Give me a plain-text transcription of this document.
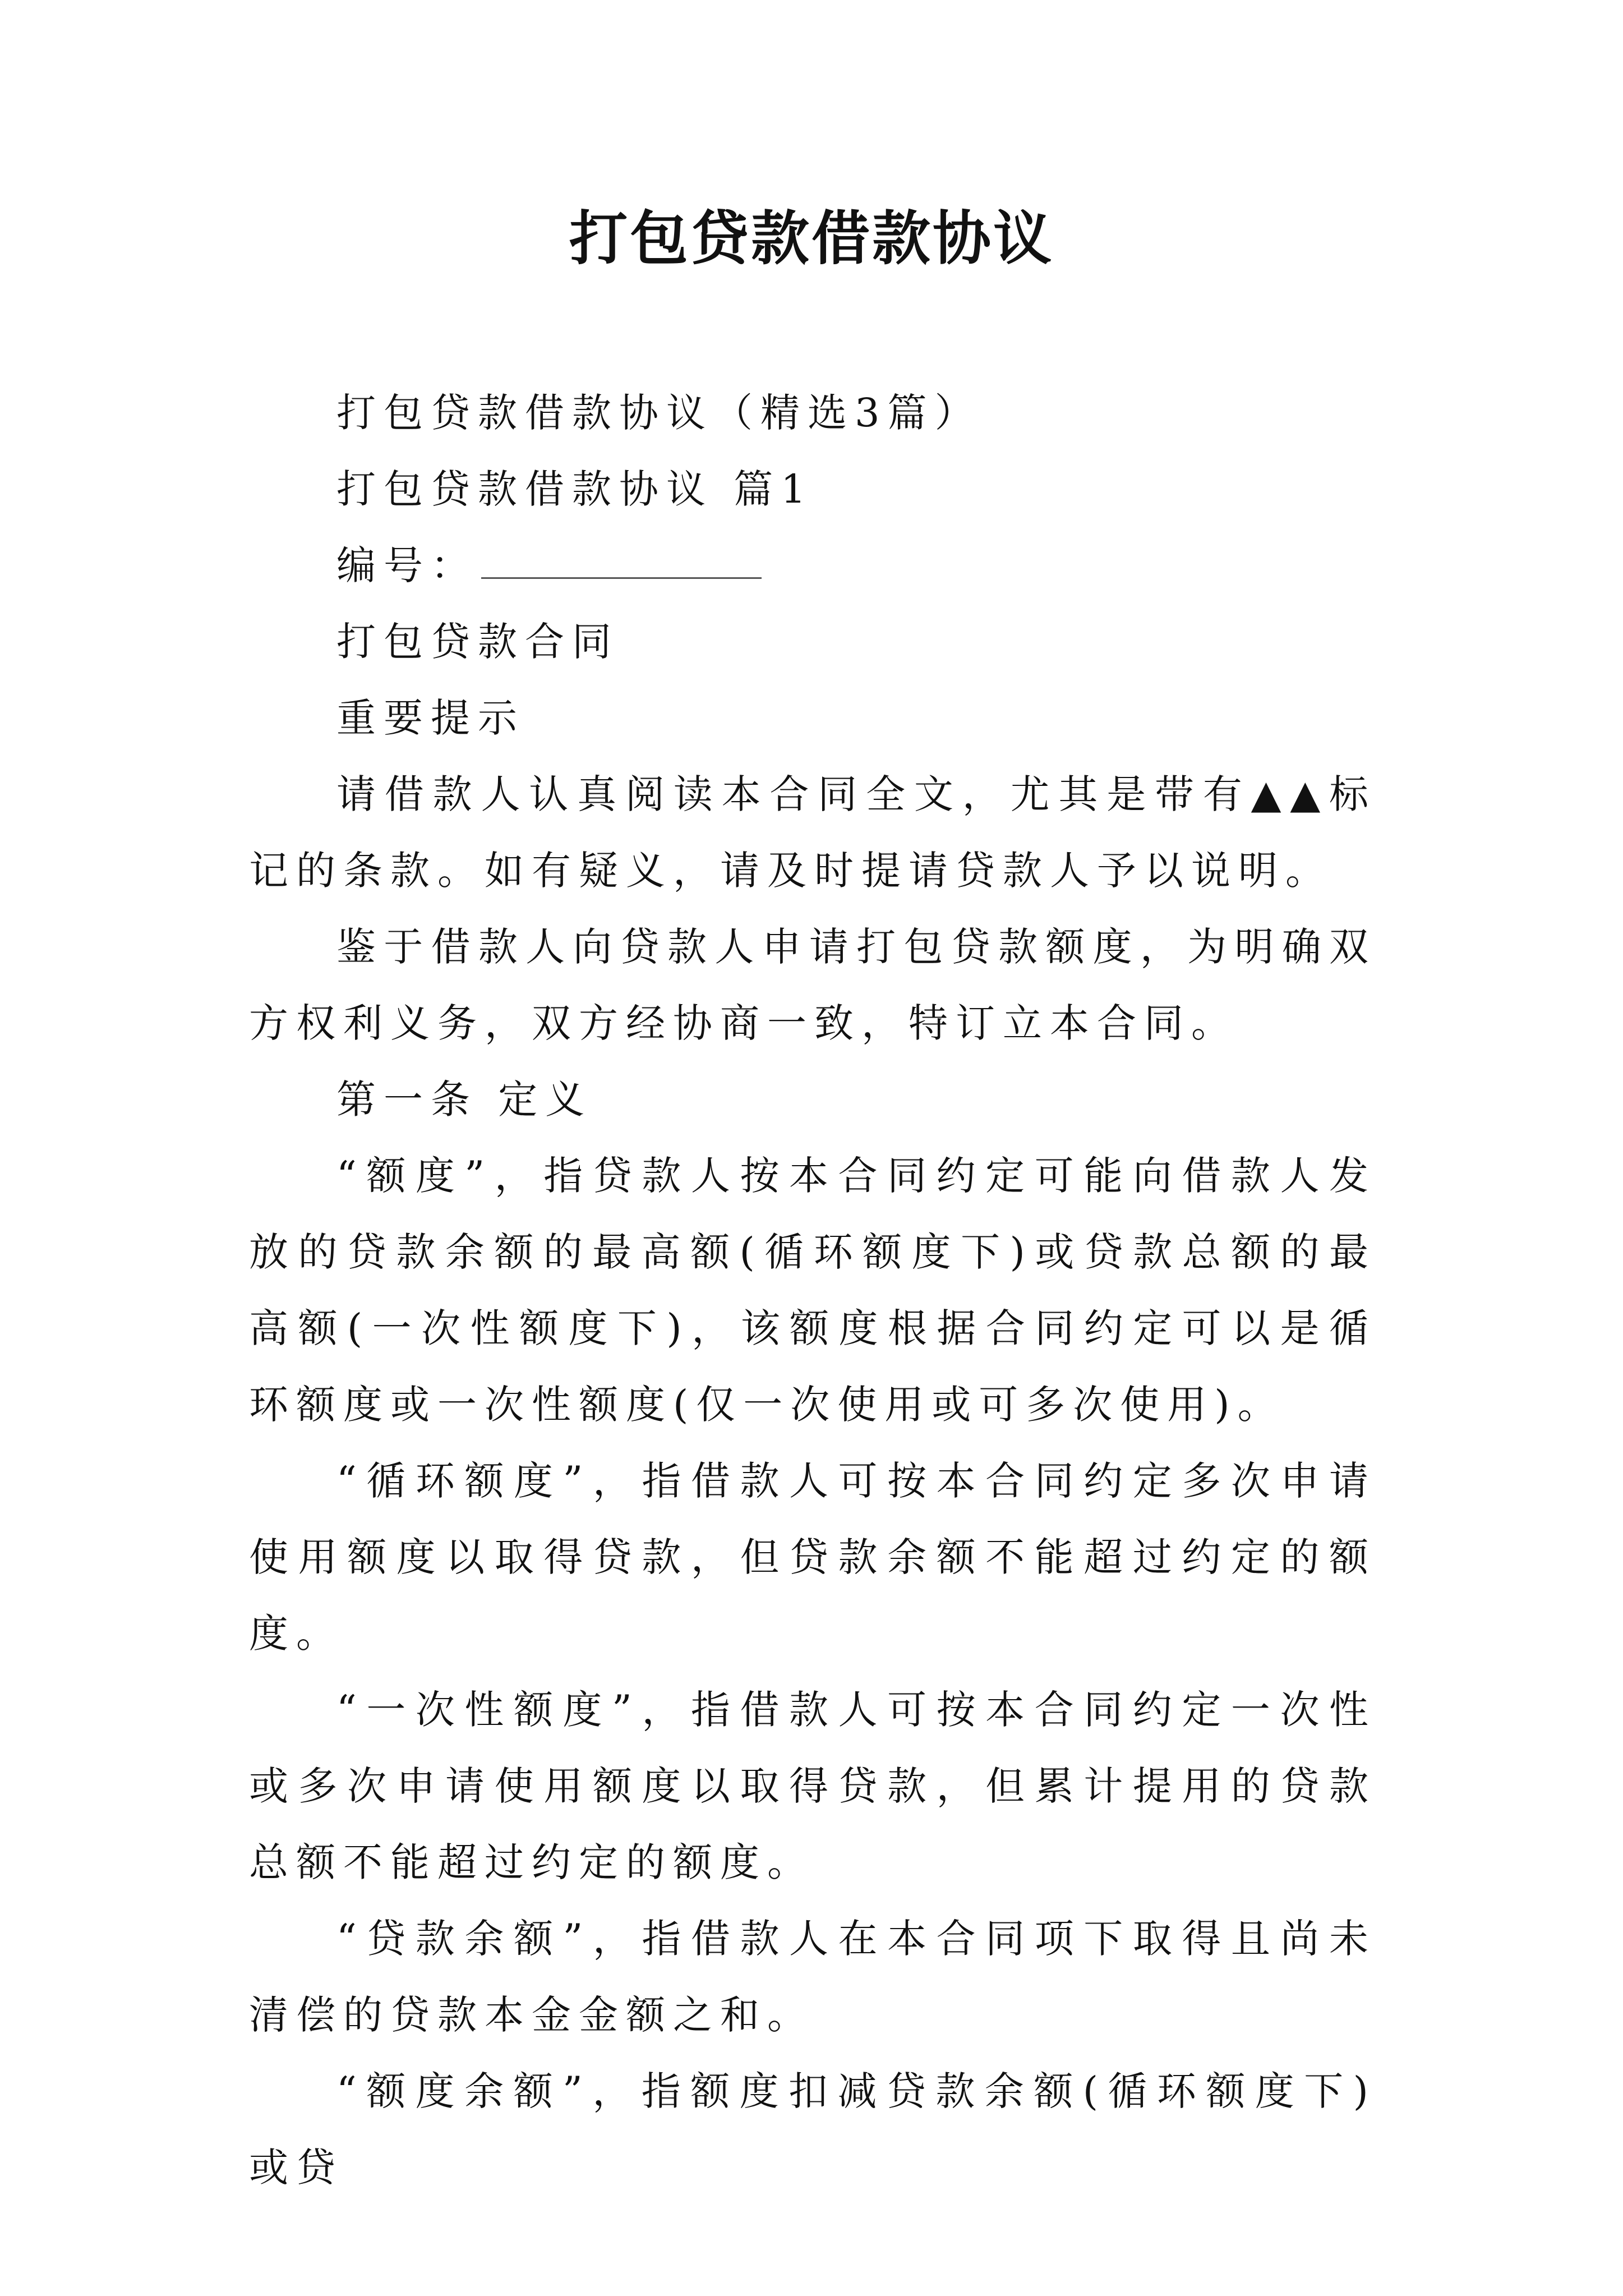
打包贷款借款协议

打包贷款借款协议（精选3篇）

打包贷款借款协议 篇1

编号：

打包贷款合同

重要提示

请借款人认真阅读本合同全文，尤其是带有▲▲标记的条款。如有疑义，请及时提请贷款人予以说明。

鉴于借款人向贷款人申请打包贷款额度，为明确双方权利义务，双方经协商一致，特订立本合同。

第一条 定义

“额度”，指贷款人按本合同约定可能向借款人发放的贷款余额的最高额(循环额度下)或贷款总额的最高额(一次性额度下)，该额度根据合同约定可以是循环额度或一次性额度(仅一次使用或可多次使用)。

“循环额度”，指借款人可按本合同约定多次申请使用额度以取得贷款，但贷款余额不能超过约定的额度。

“一次性额度”，指借款人可按本合同约定一次性或多次申请使用额度以取得贷款，但累计提用的贷款总额不能超过约定的额度。

“贷款余额”，指借款人在本合同项下取得且尚未清偿的贷款本金金额之和。

“额度余额”，指额度扣减贷款余额(循环额度下)或贷
